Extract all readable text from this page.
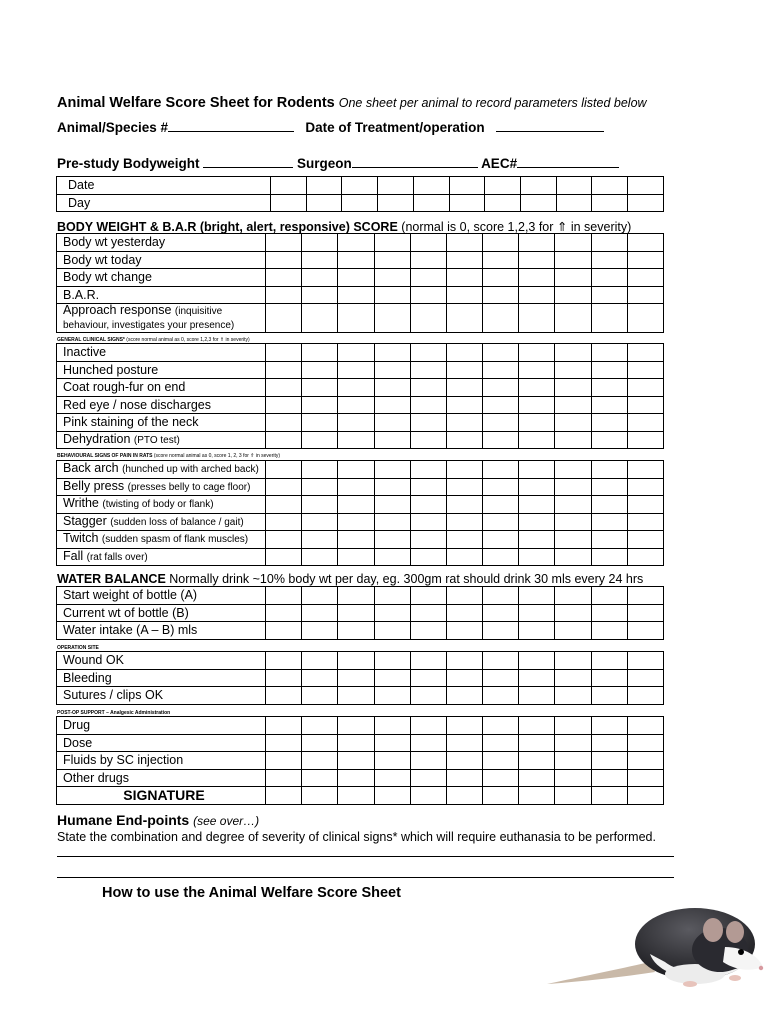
Animal Welfare Score Sheet for Rodents One sheet per animal to record parameters listed below
Animal/Species #	Date of Treatment/operation
Pre-study Bodyweight	Surgeon	AEC#
Date											
Day											
BODY WEIGHT & B.A.R (bright, alert, responsive) SCORE (normal is 0, score 1,2,3 for ⇑ in severity)
Body wt yesterday											
Body wt today											
Body wt change											
B.A.R.											
Approach response (inquisitive behaviour, investigates your presence)											
GENERAL CLINICAL SIGNS* (score normal animal as 0, score 1,2,3 for ⇑ in severity)
Inactive											
Hunched posture											
Coat rough-fur on end											
Red eye / nose discharges											
Pink staining of the neck											
Dehydration (PTO test)											
BEHAVIOURAL SIGNS OF PAIN IN RATS (score normal animal as 0, score 1, 2, 3 for ⇑ in severity)
Back arch (hunched up with arched back)											
Belly press (presses belly to cage floor)											
Writhe (twisting of body or flank)											
Stagger (sudden loss of balance / gait)											
Twitch (sudden spasm of flank muscles)											
Fall (rat falls over)											
WATER BALANCE Normally drink ~10% body wt per day, eg. 300gm rat should drink 30 mls every 24 hrs
Start weight of bottle (A)											
Current wt of bottle (B)											
Water intake (A – B) mls											
OPERATION SITE
Wound OK											
Bleeding											
Sutures / clips OK											
POST-OP SUPPORT – Analgesic Administration
Drug											
Dose											
Fluids by SC injection											
Other drugs											
SIGNATURE											
Humane End-points (see over…)
State the combination and degree of severity of clinical signs* which will require euthanasia to be performed.
How to use the Animal Welfare Score Sheet
